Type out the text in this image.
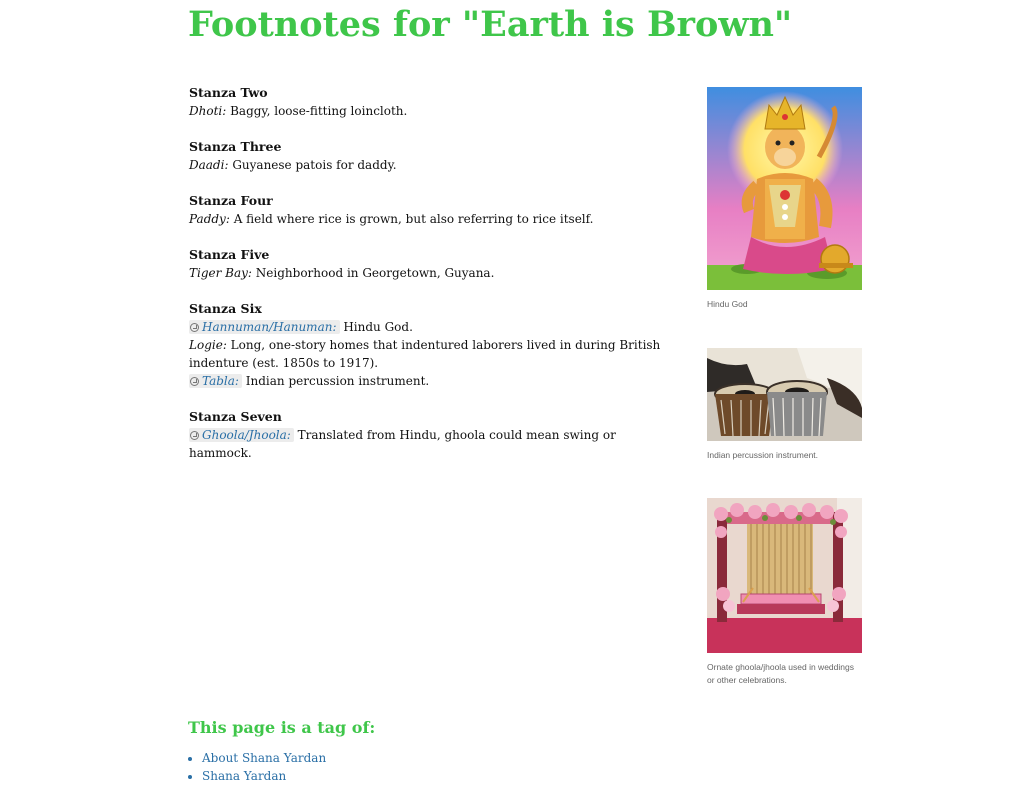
Footnotes for "Earth is Brown"
Stanza Two

Dhoti: Baggy, loose-fitting loincloth.

Stanza Three

Daadi: Guyanese patois for daddy.

Stanza Four

Paddy: A field where rice is grown, but also referring to rice itself.

Stanza Five

Tiger Bay: Neighborhood in Georgetown, Guyana.

Stanza Six

Hannuman/Hanuman: Hindu God.

Logie: Long, one-story homes that indentured laborers lived in during British indenture (est. 1850s to 1917).

Tabla: Indian percussion instrument.

Stanza Seven

Ghoola/Jhoola: Translated from Hindu, ghoola could mean swing or hammock.

Hindu God
Indian percussion instrument.
Ornate ghoola/jhoola used in weddings or other celebrations.
This page is a tag of:
• About Shana Yardan
• Shana Yardan
